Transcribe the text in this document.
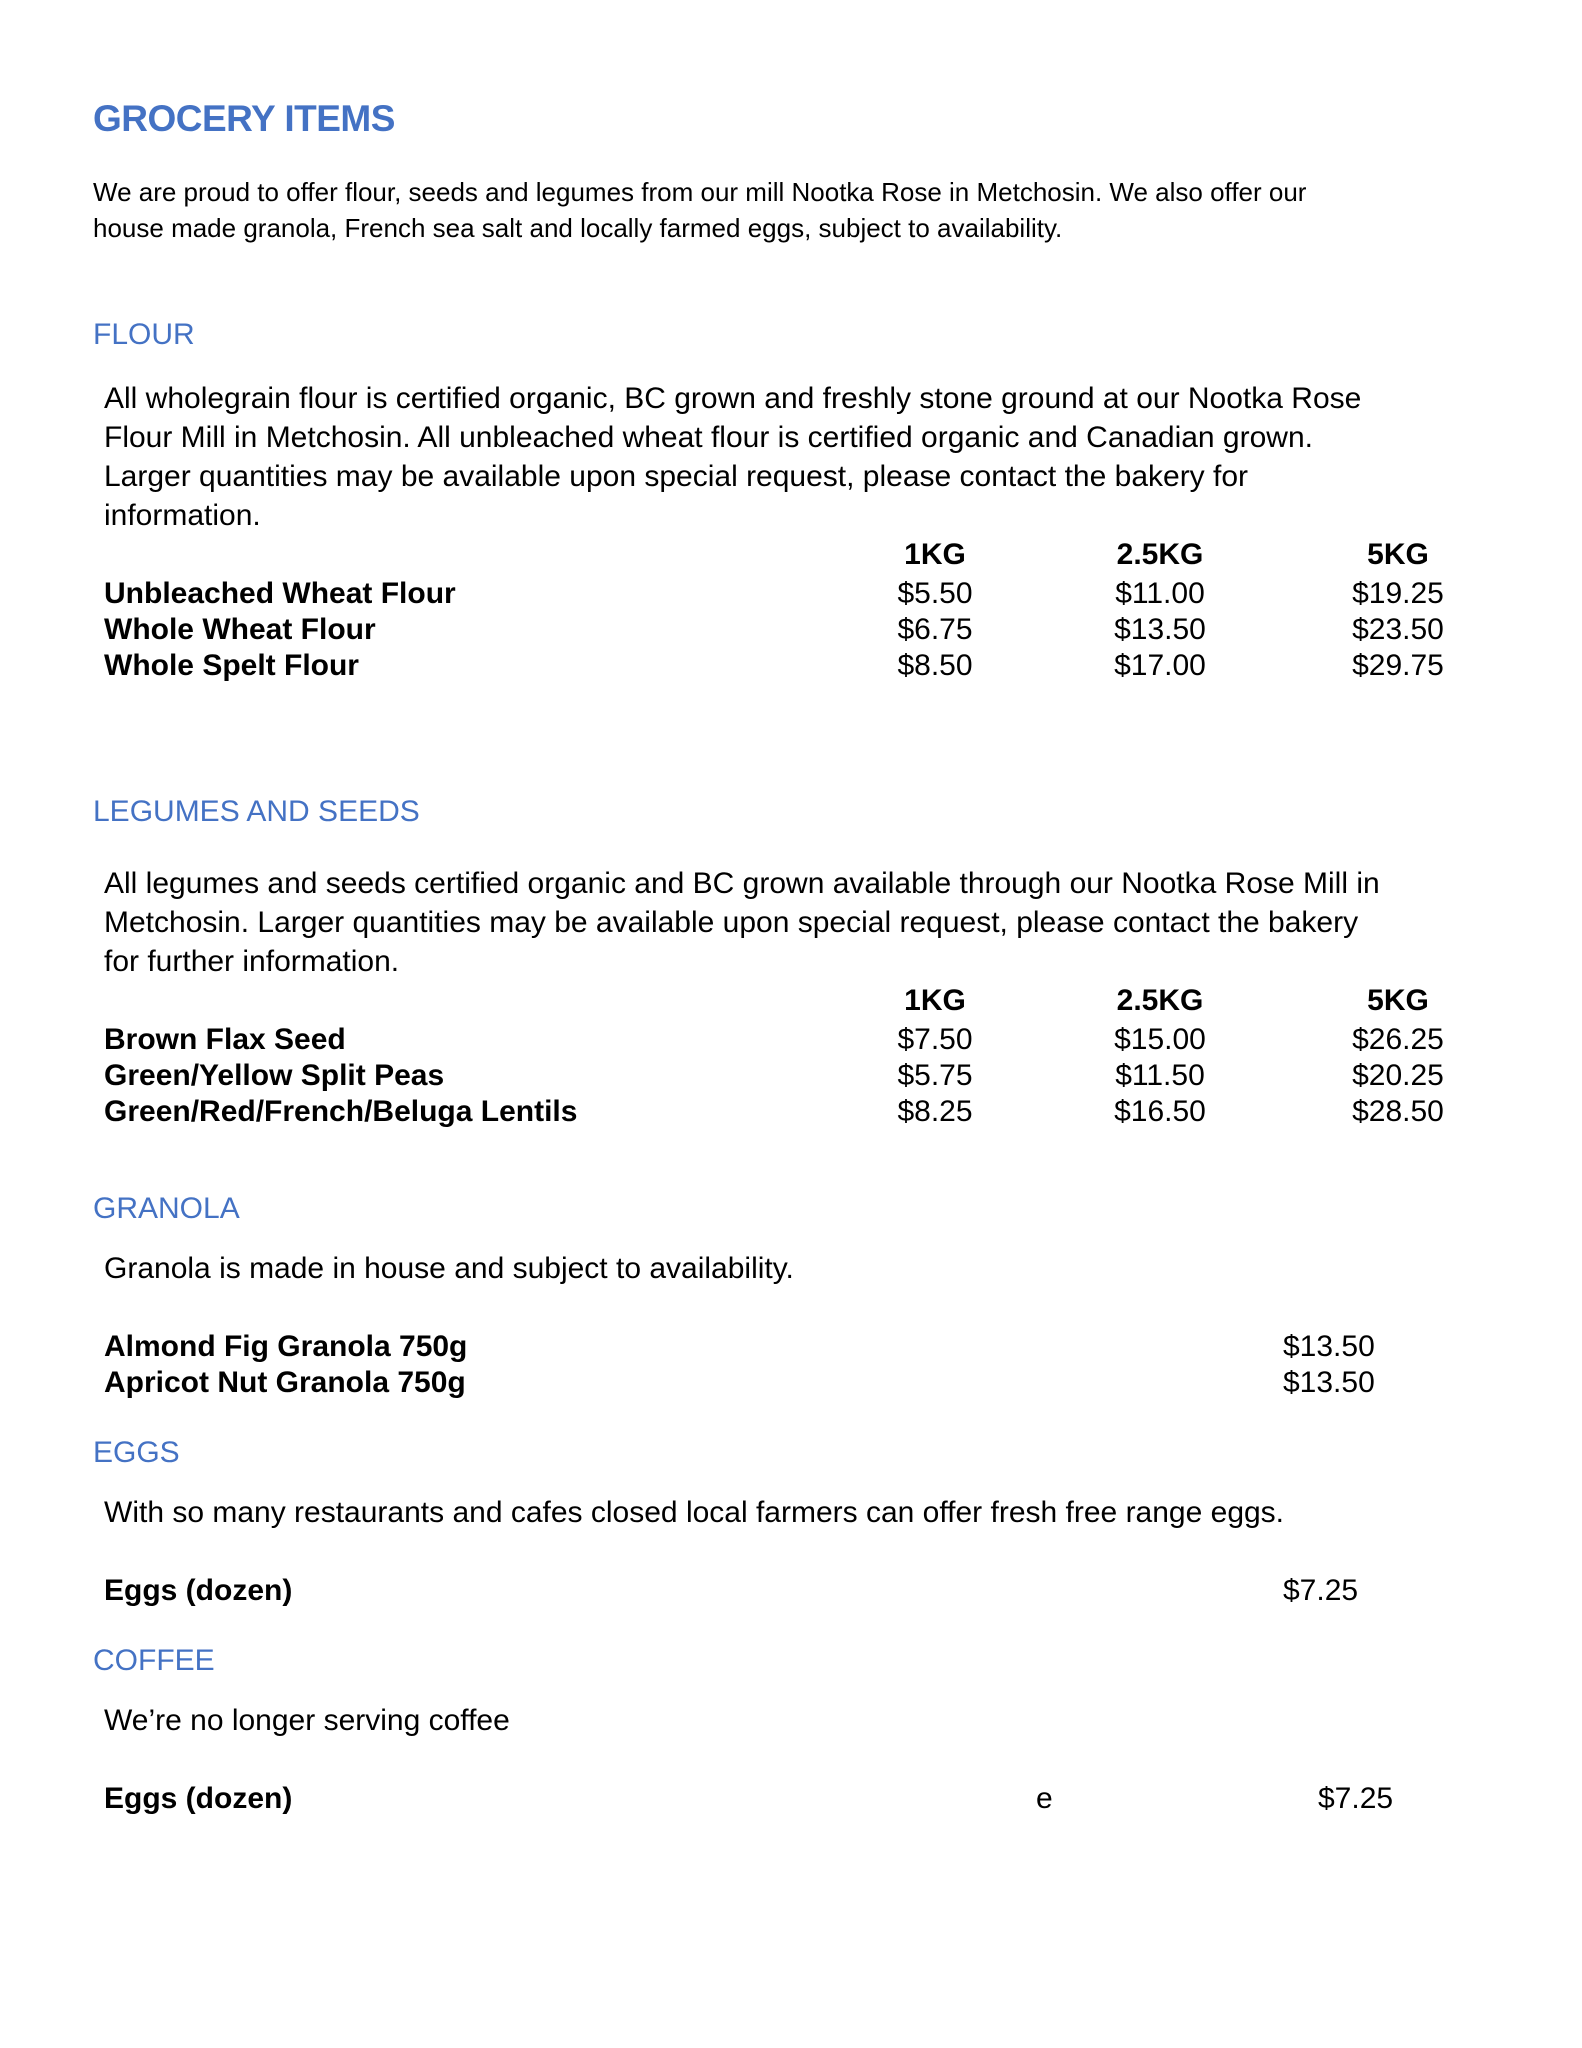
GROCERY ITEMS
We are proud to offer flour, seeds and legumes from our mill Nootka Rose in Metchosin. We also offer our
house made granola, French sea salt and locally farmed eggs, subject to availability.
FLOUR
All wholegrain flour is certified organic, BC grown and freshly stone ground at our Nootka Rose
Flour Mill in Metchosin. All unbleached wheat flour is certified organic and Canadian grown.
Larger quantities may be available upon special request, please contact the bakery for
information.
1KG	2.5KG	5KG
Unbleached Wheat Flour	$5.50	$11.00	$19.25
Whole Wheat Flour	$6.75	$13.50	$23.50
Whole Spelt Flour	$8.50	$17.00	$29.75
LEGUMES AND SEEDS
All legumes and seeds certified organic and BC grown available through our Nootka Rose Mill in
Metchosin. Larger quantities may be available upon special request, please contact the bakery
for further information.
1KG	2.5KG	5KG
Brown Flax Seed	$7.50	$15.00	$26.25
Green/Yellow Split Peas	$5.75	$11.50	$20.25
Green/Red/French/Beluga Lentils	$8.25	$16.50	$28.50
GRANOLA
Granola is made in house and subject to availability.
Almond Fig Granola 750g	$13.50
Apricot Nut Granola 750g	$13.50
EGGS
With so many restaurants and cafes closed local farmers can offer fresh free range eggs.
Eggs (dozen)	$7.25
COFFEE
We’re no longer serving coffee
Eggs (dozen)	e	$7.25
